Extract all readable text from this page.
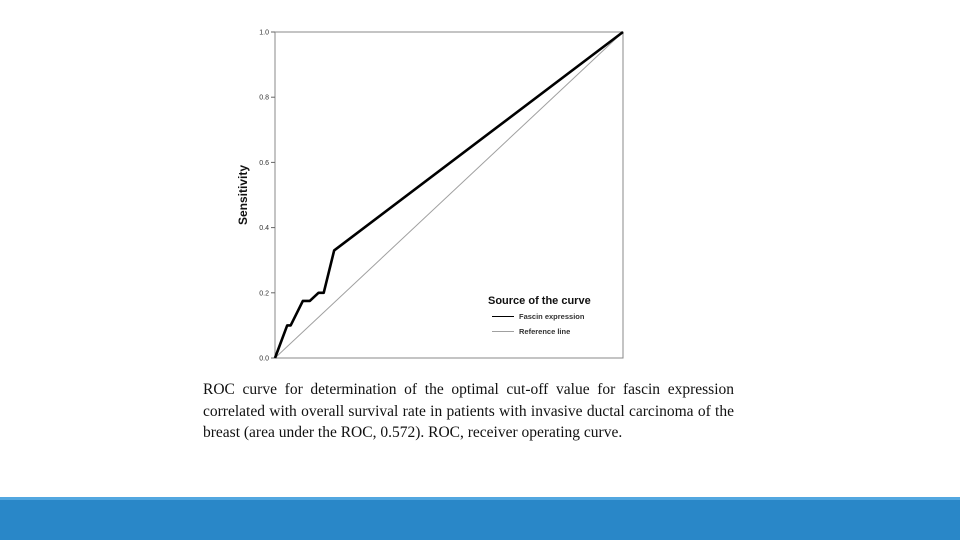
0.0
0.2
0.4
0.6
0.8
1.0
Sensitivity
Source of the curve
Fascin expression
Reference line

ROC curve for determination of the optimal cut-off value for fascin expression correlated with overall survival rate in patients with invasive ductal carcinoma of the breast (area under the ROC, 0.572). ROC, receiver operating curve.
